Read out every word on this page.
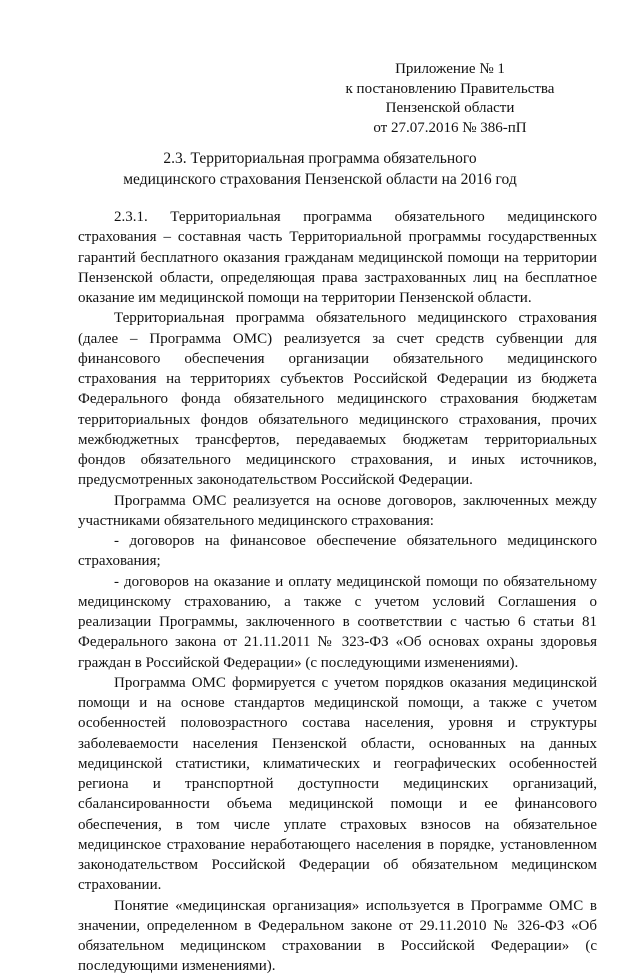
Приложение № 1
к постановлению Правительства
Пензенской области
от 27.07.2016 № 386-пП
2.3. Территориальная программа обязательного
медицинского страхования Пензенской области на 2016 год

2.3.1. Территориальная программа обязательного медицинского страхования – составная часть Территориальной программы государственных гарантий бесплатного оказания гражданам медицинской помощи на территории Пензенской области, определяющая права застрахованных лиц на бесплатное оказание им медицинской помощи на территории Пензенской области.

Территориальная программа обязательного медицинского страхования (далее – Программа ОМС) реализуется за счет средств субвенции для финансового обеспечения организации обязательного медицинского страхования на территориях субъектов Российской Федерации из бюджета Федерального фонда обязательного медицинского страхования бюджетам территориальных фондов обязательного медицинского страхования, прочих межбюджетных трансфертов, передаваемых бюджетам территориальных фондов обязательного медицинского страхования, и иных источников, предусмотренных законодательством Российской Федерации.

Программа ОМС реализуется на основе договоров, заключенных между участниками обязательного медицинского страхования:

- договоров на финансовое обеспечение обязательного медицинского страхования;

- договоров на оказание и оплату медицинской помощи по обязательному медицинскому страхованию, а также с учетом условий Соглашения о реализации Программы, заключенного в соответствии с частью 6 статьи 81 Федерального закона от 21.11.2011 № 323-ФЗ «Об основах охраны здоровья граждан в Российской Федерации» (с последующими изменениями).

Программа ОМС формируется с учетом порядков оказания медицинской помощи и на основе стандартов медицинской помощи, а также с учетом особенностей половозрастного состава населения, уровня и структуры заболеваемости населения Пензенской области, основанных на данных медицинской статистики, климатических и географических особенностей региона и транспортной доступности медицинских организаций, сбалансированности объема медицинской помощи и ее финансового обеспечения, в том числе уплате страховых взносов на обязательное медицинское страхование неработающего населения в порядке, установленном законодательством Российской Федерации об обязательном медицинском страховании.

Понятие «медицинская организация» используется в Программе ОМС в значении, определенном в Федеральном законе от 29.11.2010 № 326-ФЗ «Об обязательном медицинском страховании в Российской Федерации» (с последующими изменениями).
